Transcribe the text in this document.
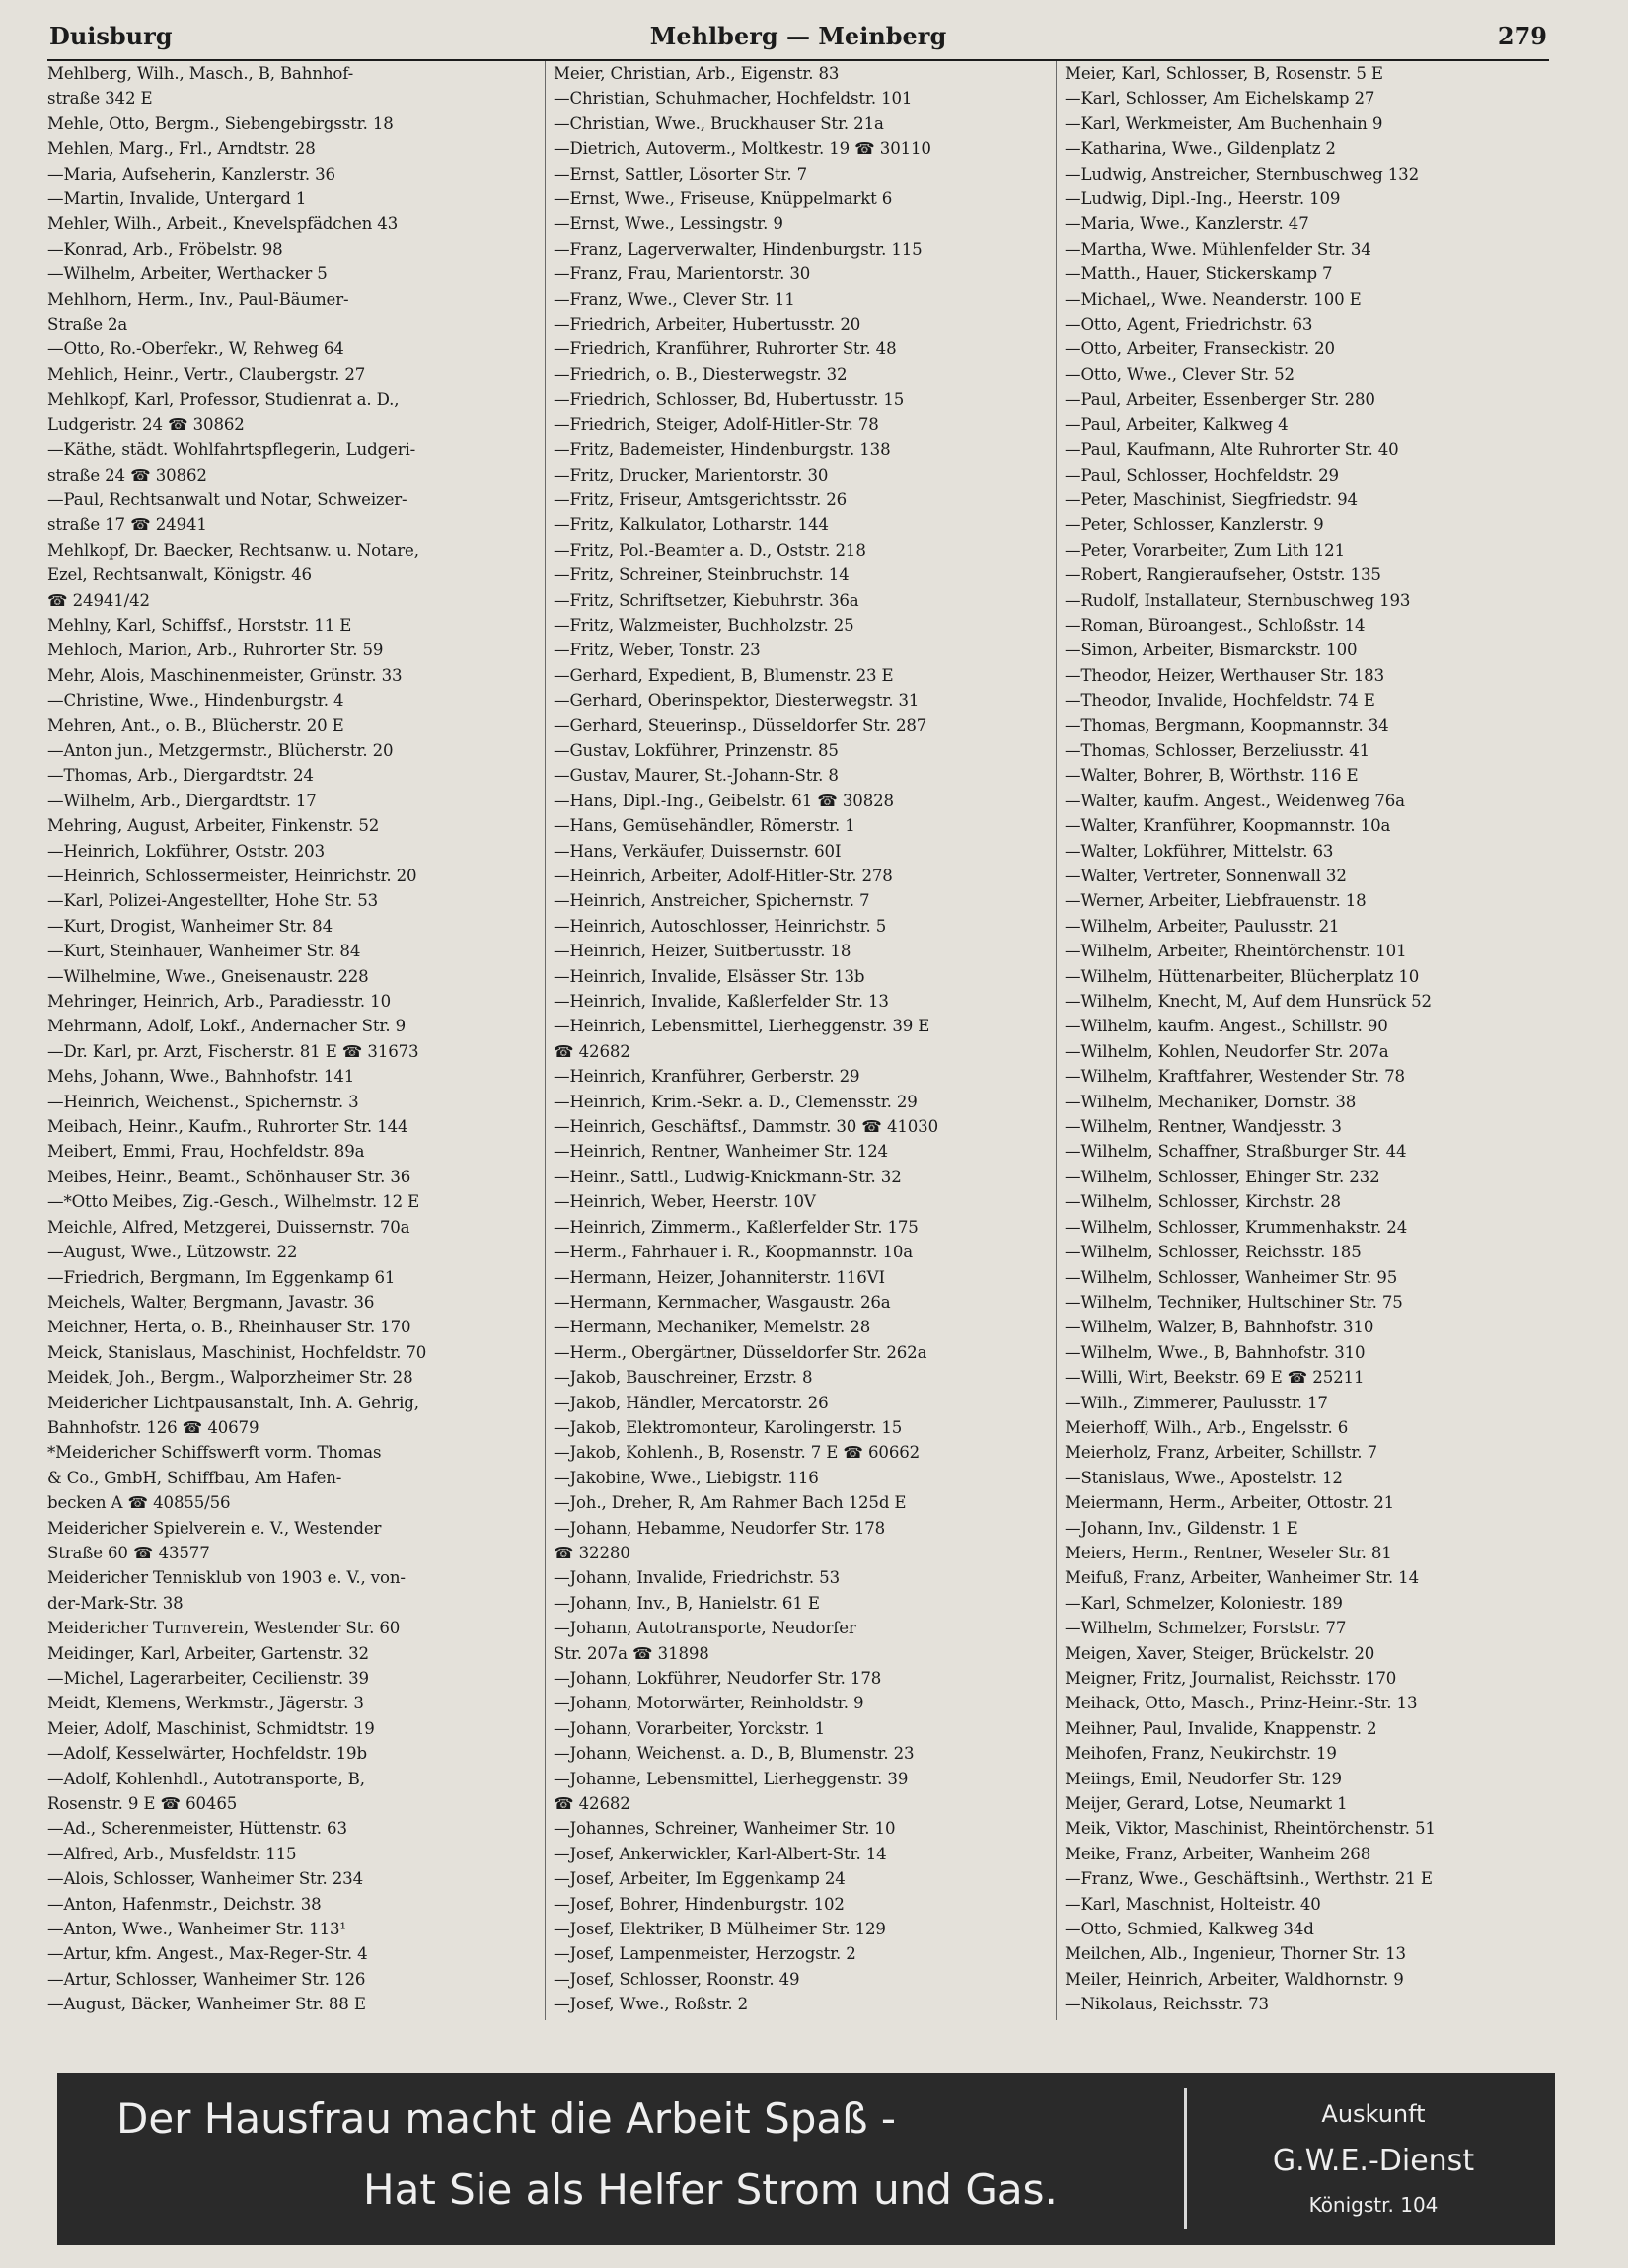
Duisburg	Mehlberg — Meinberg	279
Mehlberg, Wilh., Masch., B, Bahnhof-
straße 342 E
Mehle, Otto, Bergm., Siebengebirgsstr. 18
Mehlen, Marg., Frl., Arndtstr. 28
—Maria, Aufseherin, Kanzlerstr. 36
—Martin, Invalide, Untergard 1
Mehler, Wilh., Arbeit., Knevelspfädchen 43
—Konrad, Arb., Fröbelstr. 98
—Wilhelm, Arbeiter, Werthacker 5
Mehlhorn, Herm., Inv., Paul-Bäumer-
Straße 2a
—Otto, Ro.-Oberfekr., W, Rehweg 64
Mehlich, Heinr., Vertr., Claubergstr. 27
Mehlkopf, Karl, Professor, Studienrat a. D.,
Ludgeristr. 24 ☎ 30862
—Käthe, städt. Wohlfahrtspflegerin, Ludgeri-
straße 24 ☎ 30862
—Paul, Rechtsanwalt und Notar, Schweizer-
straße 17 ☎ 24941
Mehlkopf, Dr. Baecker, Rechtsanw. u. Notare,
Ezel, Rechtsanwalt, Königstr. 46
☎ 24941/42
Mehlny, Karl, Schiffsf., Horststr. 11 E
Mehloch, Marion, Arb., Ruhrorter Str. 59
Mehr, Alois, Maschinenmeister, Grünstr. 33
—Christine, Wwe., Hindenburgstr. 4
Mehren, Ant., o. B., Blücherstr. 20 E
—Anton jun., Metzgermstr., Blücherstr. 20
—Thomas, Arb., Diergardtstr. 24
—Wilhelm, Arb., Diergardtstr. 17
Mehring, August, Arbeiter, Finkenstr. 52
—Heinrich, Lokführer, Oststr. 203
—Heinrich, Schlossermeister, Heinrichstr. 20
—Karl, Polizei-Angestellter, Hohe Str. 53
—Kurt, Drogist, Wanheimer Str. 84
—Kurt, Steinhauer, Wanheimer Str. 84
—Wilhelmine, Wwe., Gneisenaustr. 228
Mehringer, Heinrich, Arb., Paradiesstr. 10
Mehrmann, Adolf, Lokf., Andernacher Str. 9
—Dr. Karl, pr. Arzt, Fischerstr. 81 E ☎ 31673
Mehs, Johann, Wwe., Bahnhofstr. 141
—Heinrich, Weichenst., Spichernstr. 3
Meibach, Heinr., Kaufm., Ruhrorter Str. 144
Meibert, Emmi, Frau, Hochfeldstr. 89a
Meibes, Heinr., Beamt., Schönhauser Str. 36
—*Otto Meibes, Zig.-Gesch., Wilhelmstr. 12 E
Meichle, Alfred, Metzgerei, Duissernstr. 70a
—August, Wwe., Lützowstr. 22
—Friedrich, Bergmann, Im Eggenkamp 61
Meichels, Walter, Bergmann, Javastr. 36
Meichner, Herta, o. B., Rheinhauser Str. 170
Meick, Stanislaus, Maschinist, Hochfeldstr. 70
Meidek, Joh., Bergm., Walporzheimer Str. 28
Meidericher Lichtpausanstalt, Inh. A. Gehrig,
Bahnhofstr. 126 ☎ 40679
*Meidericher Schiffswerft vorm. Thomas
& Co., GmbH, Schiffbau, Am Hafen-
becken A ☎ 40855/56
Meidericher Spielverein e. V., Westender
Straße 60 ☎ 43577
Meidericher Tennisklub von 1903 e. V., von-
der-Mark-Str. 38
Meidericher Turnverein, Westender Str. 60
Meidinger, Karl, Arbeiter, Gartenstr. 32
—Michel, Lagerarbeiter, Cecilienstr. 39
Meidt, Klemens, Werkmstr., Jägerstr. 3
Meier, Adolf, Maschinist, Schmidtstr. 19
—Adolf, Kesselwärter, Hochfeldstr. 19b
—Adolf, Kohlenhdl., Autotransporte, B,
Rosenstr. 9 E ☎ 60465
—Ad., Scherenmeister, Hüttenstr. 63
—Alfred, Arb., Musfeldstr. 115
—Alois, Schlosser, Wanheimer Str. 234
—Anton, Hafenmstr., Deichstr. 38
—Anton, Wwe., Wanheimer Str. 113¹
—Artur, kfm. Angest., Max-Reger-Str. 4
—Artur, Schlosser, Wanheimer Str. 126
—August, Bäcker, Wanheimer Str. 88 E
Meier, Christian, Arb., Eigenstr. 83
—Christian, Schuhmacher, Hochfeldstr. 101
—Christian, Wwe., Bruckhauser Str. 21a
—Dietrich, Autoverm., Moltkestr. 19 ☎ 30110
—Ernst, Sattler, Lösorter Str. 7
—Ernst, Wwe., Friseuse, Knüppelmarkt 6
—Ernst, Wwe., Lessingstr. 9
—Franz, Lagerverwalter, Hindenburgstr. 115
—Franz, Frau, Marientorstr. 30
—Franz, Wwe., Clever Str. 11
—Friedrich, Arbeiter, Hubertusstr. 20
—Friedrich, Kranführer, Ruhrorter Str. 48
—Friedrich, o. B., Diesterwegstr. 32
—Friedrich, Schlosser, Bd, Hubertusstr. 15
—Friedrich, Steiger, Adolf-Hitler-Str. 78
—Fritz, Bademeister, Hindenburgstr. 138
—Fritz, Drucker, Marientorstr. 30
—Fritz, Friseur, Amtsgerichtsstr. 26
—Fritz, Kalkulator, Lotharstr. 144
—Fritz, Pol.-Beamter a. D., Oststr. 218
—Fritz, Schreiner, Steinbruchstr. 14
—Fritz, Schriftsetzer, Kiebuhrstr. 36a
—Fritz, Walzmeister, Buchholzstr. 25
—Fritz, Weber, Tonstr. 23
—Gerhard, Expedient, B, Blumenstr. 23 E
—Gerhard, Oberinspektor, Diesterwegstr. 31
—Gerhard, Steuerinsp., Düsseldorfer Str. 287
—Gustav, Lokführer, Prinzenstr. 85
—Gustav, Maurer, St.-Johann-Str. 8
—Hans, Dipl.-Ing., Geibelstr. 61 ☎ 30828
—Hans, Gemüsehändler, Römerstr. 1
—Hans, Verkäufer, Duissernstr. 60I
—Heinrich, Arbeiter, Adolf-Hitler-Str. 278
—Heinrich, Anstreicher, Spichernstr. 7
—Heinrich, Autoschlosser, Heinrichstr. 5
—Heinrich, Heizer, Suitbertusstr. 18
—Heinrich, Invalide, Elsässer Str. 13b
—Heinrich, Invalide, Kaßlerfelder Str. 13
—Heinrich, Lebensmittel, Lierheggenstr. 39 E
☎ 42682
—Heinrich, Kranführer, Gerberstr. 29
—Heinrich, Krim.-Sekr. a. D., Clemensstr. 29
—Heinrich, Geschäftsf., Dammstr. 30 ☎ 41030
—Heinrich, Rentner, Wanheimer Str. 124
—Heinr., Sattl., Ludwig-Knickmann-Str. 32
—Heinrich, Weber, Heerstr. 10V
—Heinrich, Zimmerm., Kaßlerfelder Str. 175
—Herm., Fahrhauer i. R., Koopmannstr. 10a
—Hermann, Heizer, Johanniterstr. 116VI
—Hermann, Kernmacher, Wasgaustr. 26a
—Hermann, Mechaniker, Memelstr. 28
—Herm., Obergärtner, Düsseldorfer Str. 262a
—Jakob, Bauschreiner, Erzstr. 8
—Jakob, Händler, Mercatorstr. 26
—Jakob, Elektromonteur, Karolingerstr. 15
—Jakob, Kohlenh., B, Rosenstr. 7 E ☎ 60662
—Jakobine, Wwe., Liebigstr. 116
—Joh., Dreher, R, Am Rahmer Bach 125d E
—Johann, Hebamme, Neudorfer Str. 178
☎ 32280
—Johann, Invalide, Friedrichstr. 53
—Johann, Inv., B, Hanielstr. 61 E
—Johann, Autotransporte, Neudorfer
Str. 207a ☎ 31898
—Johann, Lokführer, Neudorfer Str. 178
—Johann, Motorwärter, Reinholdstr. 9
—Johann, Vorarbeiter, Yorckstr. 1
—Johann, Weichenst. a. D., B, Blumenstr. 23
—Johanne, Lebensmittel, Lierheggenstr. 39
☎ 42682
—Johannes, Schreiner, Wanheimer Str. 10
—Josef, Ankerwickler, Karl-Albert-Str. 14
—Josef, Arbeiter, Im Eggenkamp 24
—Josef, Bohrer, Hindenburgstr. 102
—Josef, Elektriker, B Mülheimer Str. 129
—Josef, Lampenmeister, Herzogstr. 2
—Josef, Schlosser, Roonstr. 49
—Josef, Wwe., Roßstr. 2
Meier, Karl, Schlosser, B, Rosenstr. 5 E
—Karl, Schlosser, Am Eichelskamp 27
—Karl, Werkmeister, Am Buchenhain 9
—Katharina, Wwe., Gildenplatz 2
—Ludwig, Anstreicher, Sternbuschweg 132
—Ludwig, Dipl.-Ing., Heerstr. 109
—Maria, Wwe., Kanzlerstr. 47
—Martha, Wwe. Mühlenfelder Str. 34
—Matth., Hauer, Stickerskamp 7
—Michael,, Wwe. Neanderstr. 100 E
—Otto, Agent, Friedrichstr. 63
—Otto, Arbeiter, Franseckistr. 20
—Otto, Wwe., Clever Str. 52
—Paul, Arbeiter, Essenberger Str. 280
—Paul, Arbeiter, Kalkweg 4
—Paul, Kaufmann, Alte Ruhrorter Str. 40
—Paul, Schlosser, Hochfeldstr. 29
—Peter, Maschinist, Siegfriedstr. 94
—Peter, Schlosser, Kanzlerstr. 9
—Peter, Vorarbeiter, Zum Lith 121
—Robert, Rangieraufseher, Oststr. 135
—Rudolf, Installateur, Sternbuschweg 193
—Roman, Büroangest., Schloßstr. 14
—Simon, Arbeiter, Bismarckstr. 100
—Theodor, Heizer, Werthauser Str. 183
—Theodor, Invalide, Hochfeldstr. 74 E
—Thomas, Bergmann, Koopmannstr. 34
—Thomas, Schlosser, Berzeliusstr. 41
—Walter, Bohrer, B, Wörthstr. 116 E
—Walter, kaufm. Angest., Weidenweg 76a
—Walter, Kranführer, Koopmannstr. 10a
—Walter, Lokführer, Mittelstr. 63
—Walter, Vertreter, Sonnenwall 32
—Werner, Arbeiter, Liebfrauenstr. 18
—Wilhelm, Arbeiter, Paulusstr. 21
—Wilhelm, Arbeiter, Rheintörchenstr. 101
—Wilhelm, Hüttenarbeiter, Blücherplatz 10
—Wilhelm, Knecht, M, Auf dem Hunsrück 52
—Wilhelm, kaufm. Angest., Schillstr. 90
—Wilhelm, Kohlen, Neudorfer Str. 207a
—Wilhelm, Kraftfahrer, Westender Str. 78
—Wilhelm, Mechaniker, Dornstr. 38
—Wilhelm, Rentner, Wandjesstr. 3
—Wilhelm, Schaffner, Straßburger Str. 44
—Wilhelm, Schlosser, Ehinger Str. 232
—Wilhelm, Schlosser, Kirchstr. 28
—Wilhelm, Schlosser, Krummenhakstr. 24
—Wilhelm, Schlosser, Reichsstr. 185
—Wilhelm, Schlosser, Wanheimer Str. 95
—Wilhelm, Techniker, Hultschiner Str. 75
—Wilhelm, Walzer, B, Bahnhofstr. 310
—Wilhelm, Wwe., B, Bahnhofstr. 310
—Willi, Wirt, Beekstr. 69 E ☎ 25211
—Wilh., Zimmerer, Paulusstr. 17
Meierhoff, Wilh., Arb., Engelsstr. 6
Meierholz, Franz, Arbeiter, Schillstr. 7
—Stanislaus, Wwe., Apostelstr. 12
Meiermann, Herm., Arbeiter, Ottostr. 21
—Johann, Inv., Gildenstr. 1 E
Meiers, Herm., Rentner, Weseler Str. 81
Meifuß, Franz, Arbeiter, Wanheimer Str. 14
—Karl, Schmelzer, Koloniestr. 189
—Wilhelm, Schmelzer, Forststr. 77
Meigen, Xaver, Steiger, Brückelstr. 20
Meigner, Fritz, Journalist, Reichsstr. 170
Meihack, Otto, Masch., Prinz-Heinr.-Str. 13
Meihner, Paul, Invalide, Knappenstr. 2
Meihofen, Franz, Neukirchstr. 19
Meiings, Emil, Neudorfer Str. 129
Meijer, Gerard, Lotse, Neumarkt 1
Meik, Viktor, Maschinist, Rheintörchenstr. 51
Meike, Franz, Arbeiter, Wanheim 268
—Franz, Wwe., Geschäftsinh., Werthstr. 21 E
—Karl, Maschnist, Holteistr. 40
—Otto, Schmied, Kalkweg 34d
Meilchen, Alb., Ingenieur, Thorner Str. 13
Meiler, Heinrich, Arbeiter, Waldhornstr. 9
—Nikolaus, Reichsstr. 73
Der Hausfrau macht die Arbeit Spaß -
Hat Sie als Helfer Strom und Gas.
Auskunft
G.W.E.-Dienst
Königstr. 104
